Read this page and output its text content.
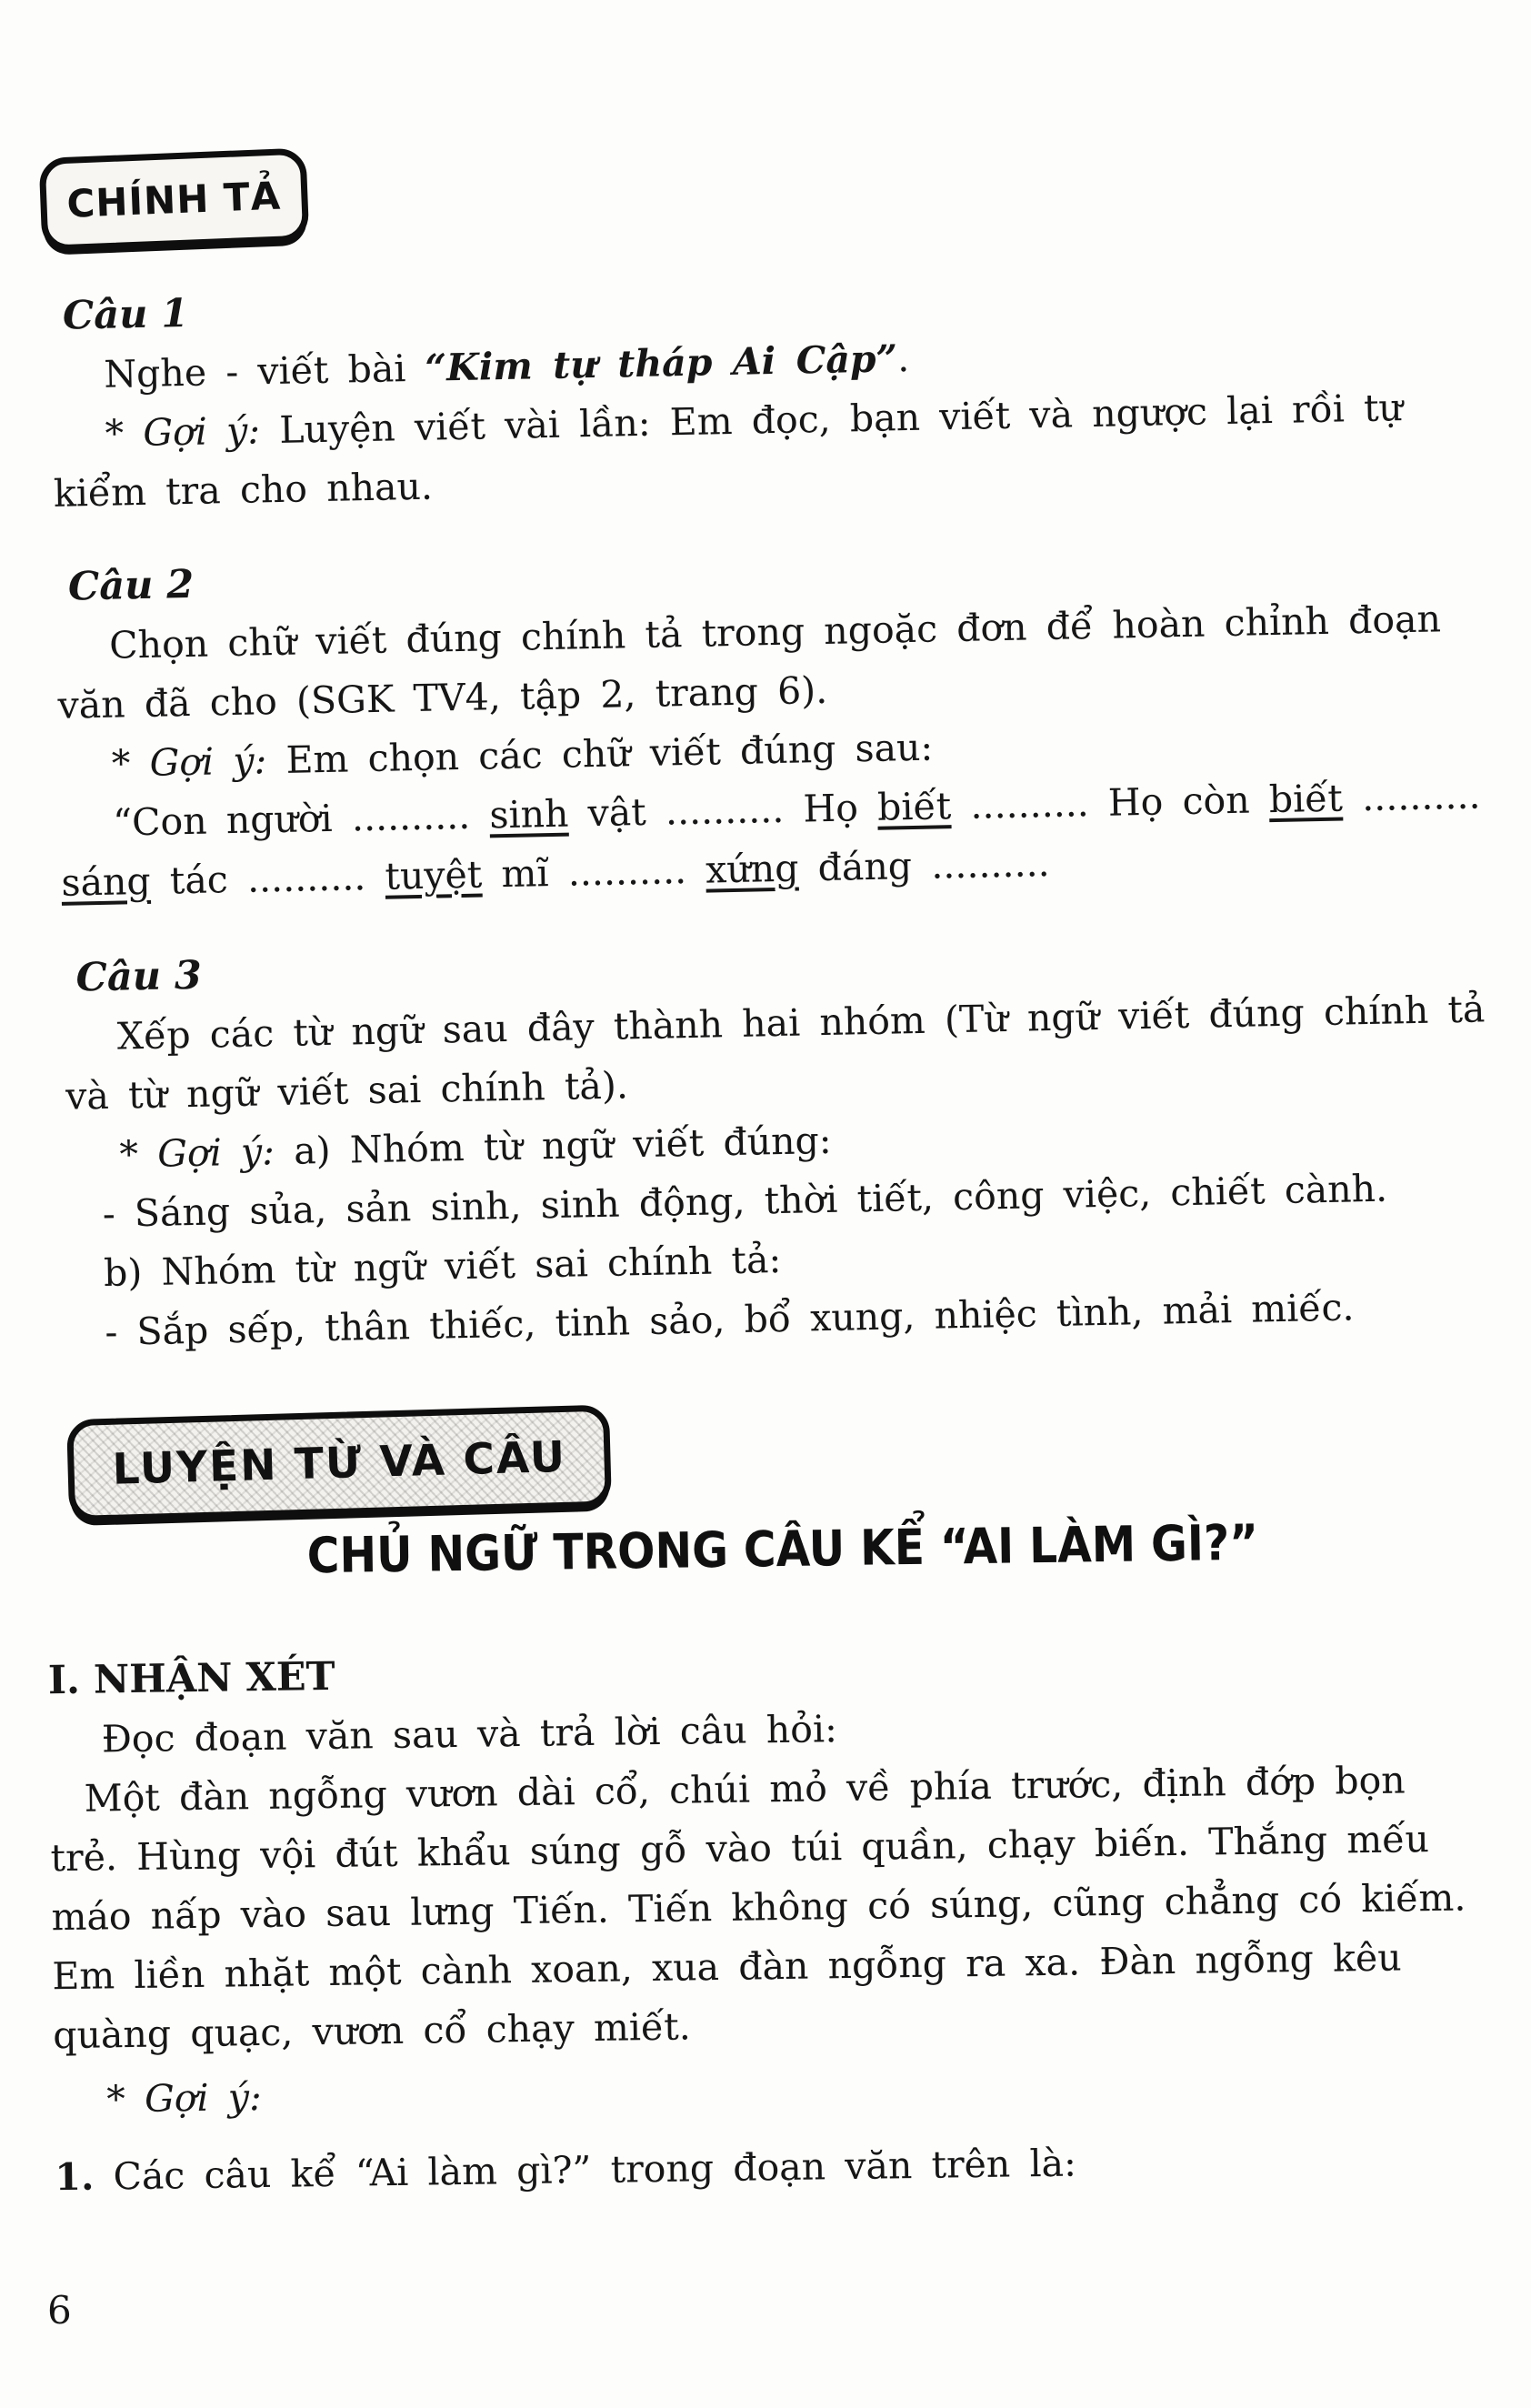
CHÍNH TẢ
Câu 1
Nghe - viết bài “Kim tự tháp Ai Cập”.
* Gợi ý: Luyện viết vài lần: Em đọc, bạn viết và ngược lại rồi tự
kiểm tra cho nhau.
Câu 2
Chọn chữ viết đúng chính tả trong ngoặc đơn để hoàn chỉnh đoạn
văn đã cho (SGK TV4, tập 2, trang 6).
* Gợi ý: Em chọn các chữ viết đúng sau:
“Con người .......... sinh vật .......... Họ biết .......... Họ còn biết ..........
sáng tác .......... tuyệt mĩ .......... xứng đáng ..........
Câu 3
Xếp các từ ngữ sau đây thành hai nhóm (Từ ngữ viết đúng chính tả
và từ ngữ viết sai chính tả).
* Gợi ý: a) Nhóm từ ngữ viết đúng:
- Sáng sủa, sản sinh, sinh động, thời tiết, công việc, chiết cành.
b) Nhóm từ ngữ viết sai chính tả:
- Sắp sếp, thân thiếc, tinh sảo, bổ xung, nhiệc tình, mải miếc.
LUYỆN TỪ VÀ CÂU
CHỦ NGỮ TRONG CÂU KỂ “AI LÀM GÌ?”
I. NHẬN XÉT
Đọc đoạn văn sau và trả lời câu hỏi:
Một đàn ngỗng vươn dài cổ, chúi mỏ về phía trước, định đớp bọn
trẻ. Hùng vội đút khẩu súng gỗ vào túi quần, chạy biến. Thắng mếu
máo nấp vào sau lưng Tiến. Tiến không có súng, cũng chẳng có kiếm.
Em liền nhặt một cành xoan, xua đàn ngỗng ra xa. Đàn ngỗng kêu
quàng quạc, vươn cổ chạy miết.
* Gợi ý:
1. Các câu kể “Ai làm gì?” trong đoạn văn trên là:
6
